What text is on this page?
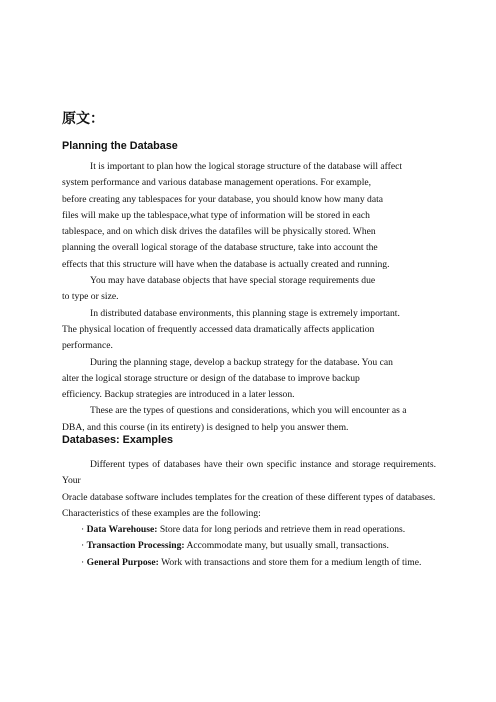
原文：
Planning the Database

It is important to plan how the logical storage structure of the database will affect
system performance and various database management operations. For example,
before creating any tablespaces for your database, you should know how many data
files will make up the tablespace,what type of information will be stored in each
tablespace, and on which disk drives the datafiles will be physically stored. When
planning the overall logical storage of the database structure, take into account the
effects that this structure will have when the database is actually created and running.

You may have database objects that have special storage requirements due
to type or size.

In distributed database environments, this planning stage is extremely important.
The physical location of frequently accessed data dramatically affects application
performance.

During the planning stage, develop a backup strategy for the database. You can
alter the logical storage structure or design of the database to improve backup
efficiency. Backup strategies are introduced in a later lesson.

These are the types of questions and considerations, which you will encounter as a
DBA, and this course (in its entirety) is designed to help you answer them.

Databases: Examples

Different types of databases have their own specific instance and storage requirements. Your

Oracle database software includes templates for the creation of these different types of databases.

Characteristics of these examples are the following:

· Data Warehouse: Store data for long periods and retrieve them in read operations.

· Transaction Processing: Accommodate many, but usually small, transactions.

· General Purpose: Work with transactions and store them for a medium length of time.
